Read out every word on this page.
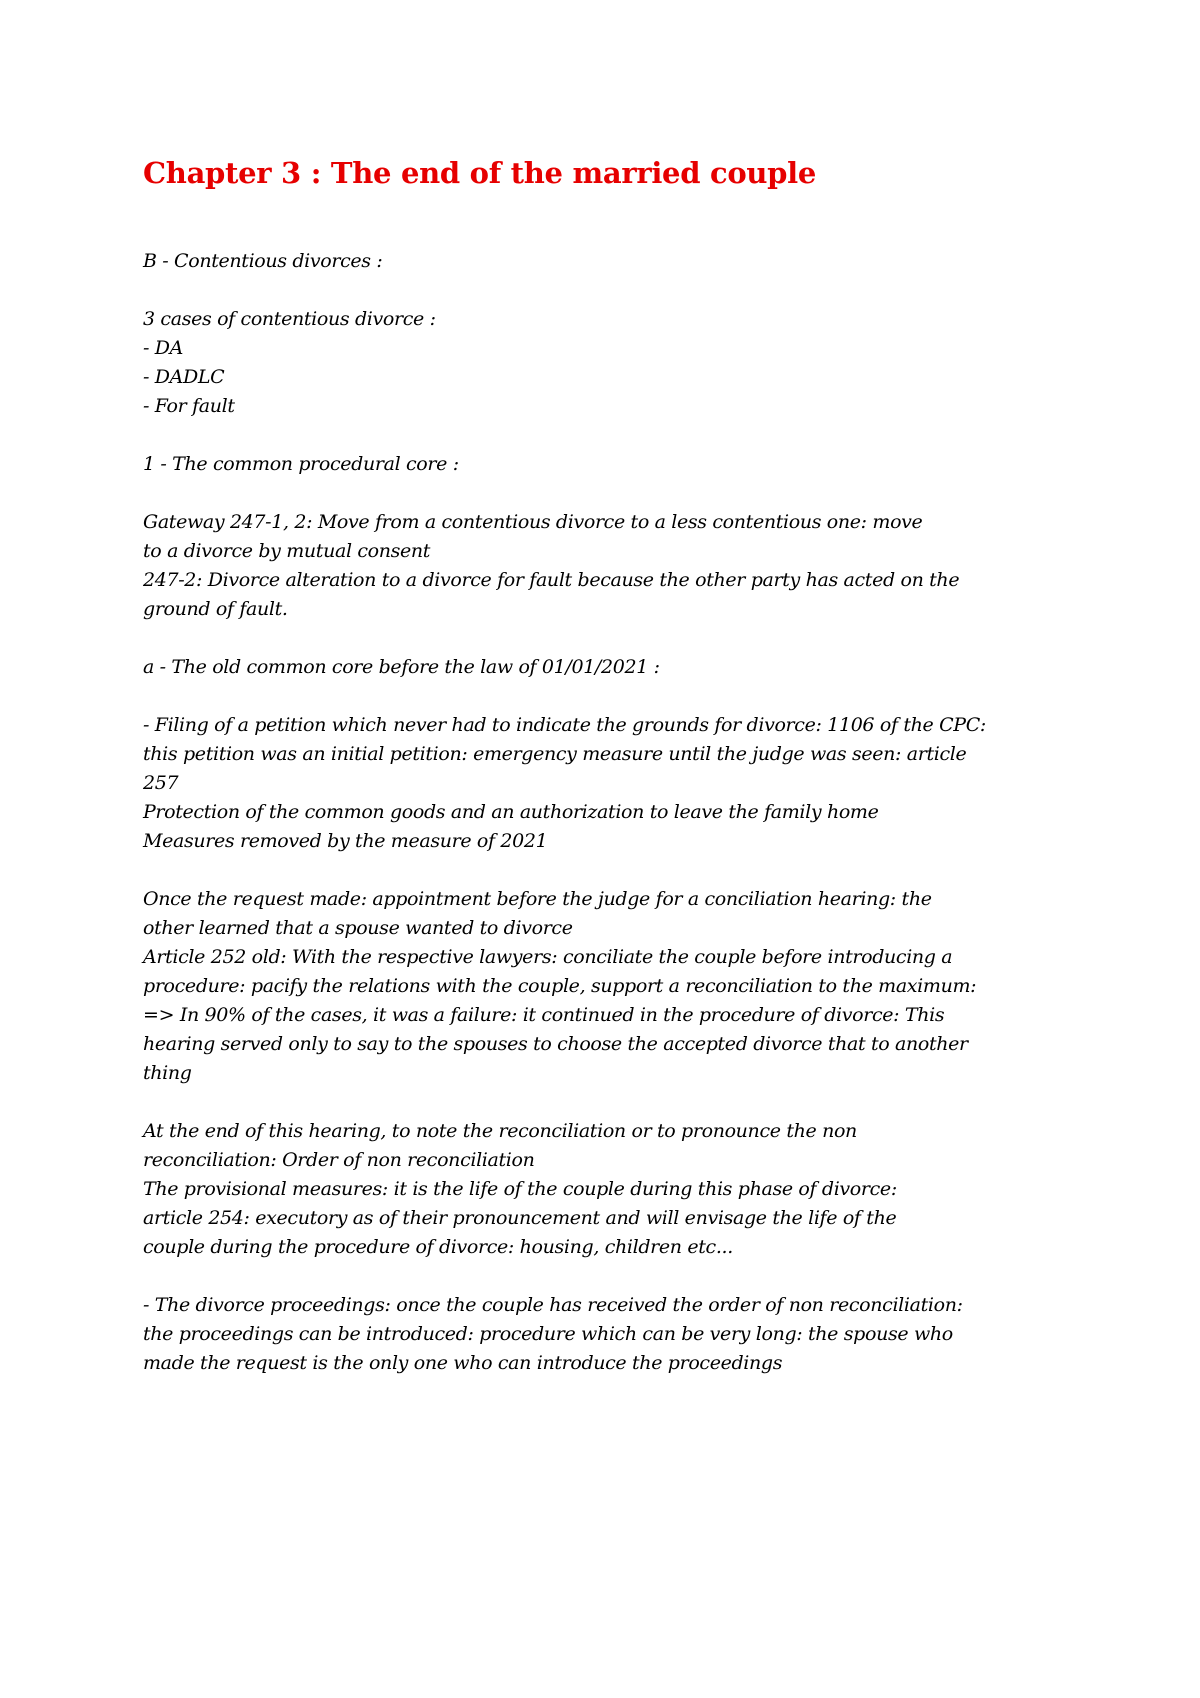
Chapter 3 : The end of the married couple
B - Contentious divorces :
3 cases of contentious divorce :
- DA
- DADLC
- For fault
1 - The common procedural core :
Gateway 247-1, 2: Move from a contentious divorce to a less contentious one: move
to a divorce by mutual consent
247-2: Divorce alteration to a divorce for fault because the other party has acted on the
ground of fault.
a - The old common core before the law of 01/01/2021 :
- Filing of a petition which never had to indicate the grounds for divorce: 1106 of the CPC:
this petition was an initial petition: emergency measure until the judge was seen: article
257
Protection of the common goods and an authorization to leave the family home
Measures removed by the measure of 2021
Once the request made: appointment before the judge for a conciliation hearing: the
other learned that a spouse wanted to divorce
Article 252 old: With the respective lawyers: conciliate the couple before introducing a
procedure: pacify the relations with the couple, support a reconciliation to the maximum:
=> In 90% of the cases, it was a failure: it continued in the procedure of divorce: This
hearing served only to say to the spouses to choose the accepted divorce that to another
thing
At the end of this hearing, to note the reconciliation or to pronounce the non
reconciliation: Order of non reconciliation
The provisional measures: it is the life of the couple during this phase of divorce:
article 254: executory as of their pronouncement and will envisage the life of the
couple during the procedure of divorce: housing, children etc...
- The divorce proceedings: once the couple has received the order of non reconciliation:
the proceedings can be introduced: procedure which can be very long: the spouse who
made the request is the only one who can introduce the proceedings
